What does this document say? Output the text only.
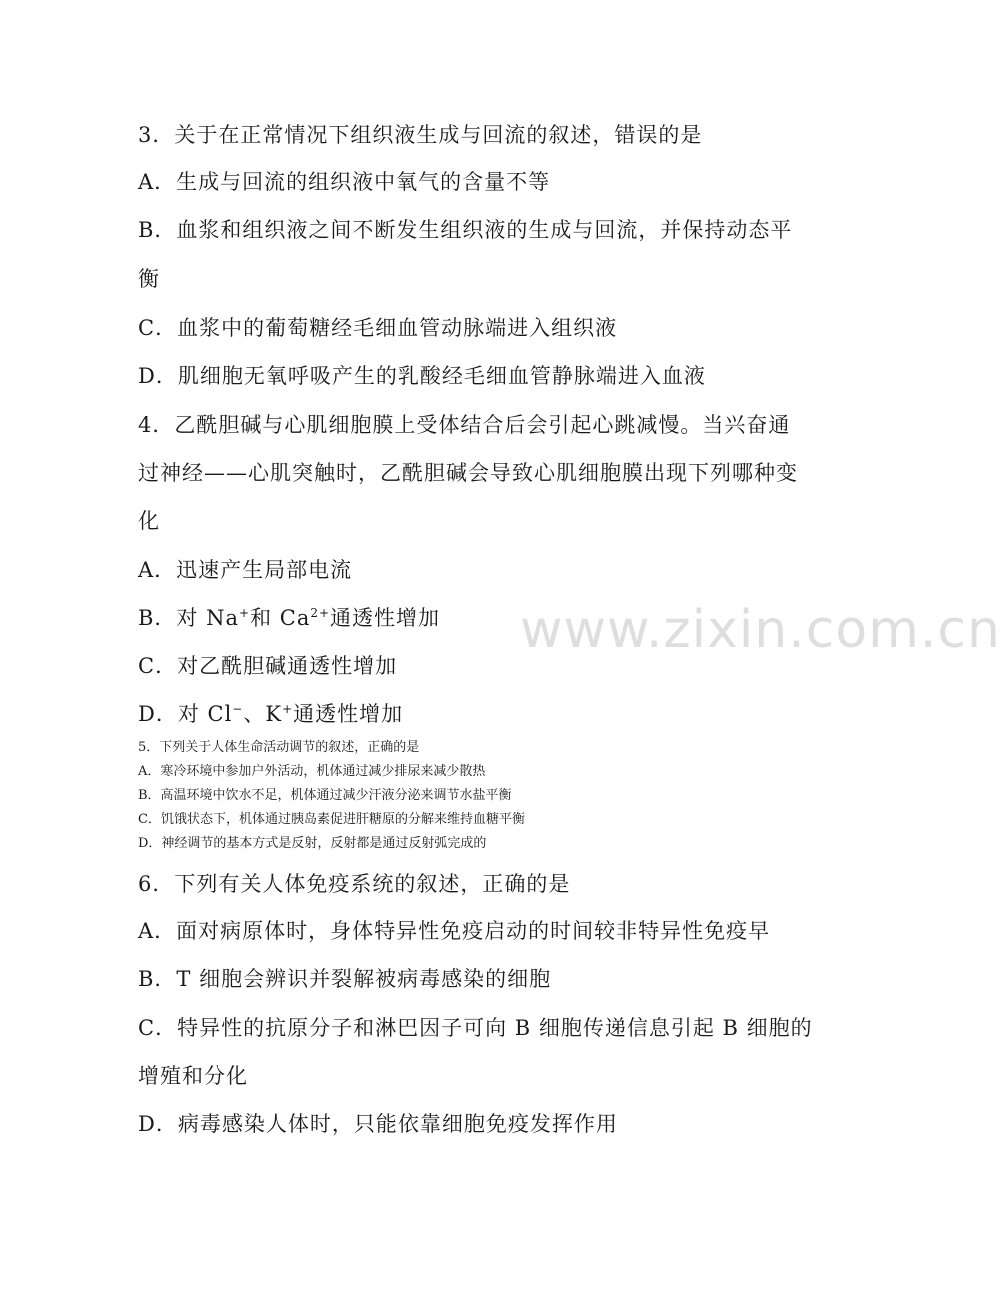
3．关于在正常情况下组织液生成与回流的叙述，错误的是
A．生成与回流的组织液中氧气的含量不等
B．血浆和组织液之间不断发生组织液的生成与回流，并保持动态平
衡
C．血浆中的葡萄糖经毛细血管动脉端进入组织液
D．肌细胞无氧呼吸产生的乳酸经毛细血管静脉端进入血液
4．乙酰胆碱与心肌细胞膜上受体结合后会引起心跳减慢。当兴奋通
过神经——心肌突触时，乙酰胆碱会导致心肌细胞膜出现下列哪种变
化
A．迅速产生局部电流
B．对 Na+和 $Ca^{2+}$通透性增加
C．对乙酰胆碱通透性增加
D．对 Cl−、K+通透性增加
5．下列关于人体生命活动调节的叙述，正确的是
A．寒冷环境中参加户外活动，机体通过减少排尿来减少散热
B．高温环境中饮水不足，机体通过减少汗液分泌来调节水盐平衡
C．饥饿状态下，机体通过胰岛素促进肝糖原的分解来维持血糖平衡
D．神经调节的基本方式是反射，反射都是通过反射弧完成的
6．下列有关人体免疫系统的叙述，正确的是
A．面对病原体时，身体特异性免疫启动的时间较非特异性免疫早
B．T 细胞会辨识并裂解被病毒感染的细胞
C．特异性的抗原分子和淋巴因子可向 B 细胞传递信息引起 B 细胞的
增殖和分化
D．病毒感染人体时，只能依靠细胞免疫发挥作用
www.zixin.com.cn
